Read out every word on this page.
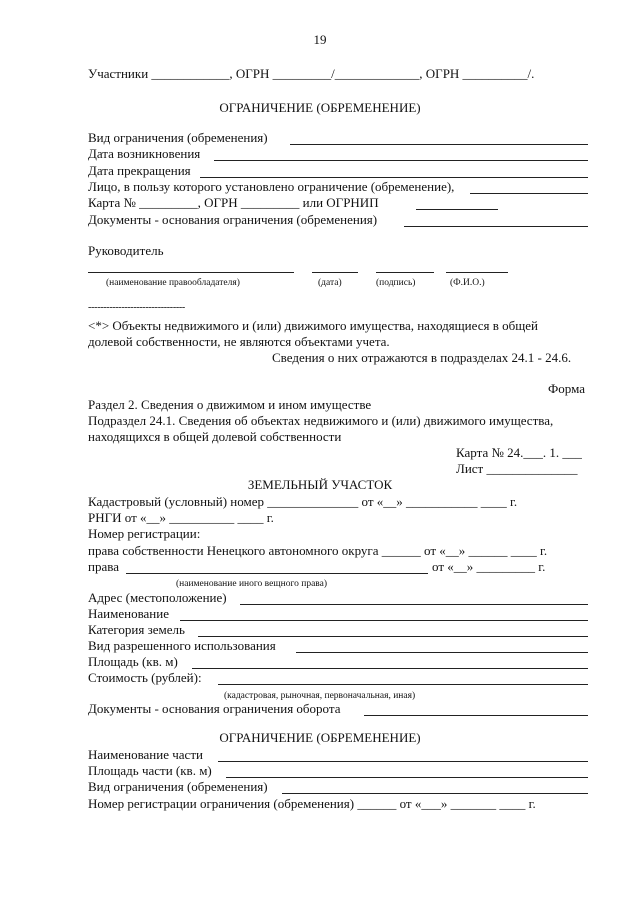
19
Участники ____________, ОГРН _________/_____________, ОГРН __________/.
ОГРАНИЧЕНИЕ (ОБРЕМЕНЕНИЕ)
Вид ограничения (обременения)
Дата возникновения
Дата прекращения
Лицо, в пользу которого установлено ограничение (обременение),
Карта № _________, ОГРН _________ или ОГРНИП
Документы - основания ограничения (обременения)
Руководитель
(наименование правообладателя)	(дата)	(подпись)	(Ф.И.О.)
--------------------------------
<*> Объекты недвижимого и (или) движимого имущества, находящиеся в общей
долевой собственности, не являются объектами учета.
Сведения о них отражаются в подразделах 24.1 - 24.6.
Форма
Раздел 2. Сведения о движимом и ином имуществе
Подраздел 24.1. Сведения об объектах недвижимого и (или) движимого имущества,
находящихся в общей долевой собственности
Карта № 24.___. 1. ___
Лист ______________
ЗЕМЕЛЬНЫЙ УЧАСТОК
Кадастровый (условный) номер ______________ от «__» ___________ ____ г.
РНГИ от «__» __________ ____ г.
Номер регистрации:
права собственности Ненецкого автономного округа ______ от «__» ______ ____ г.
права	от «__» _________ г.
(наименование иного вещного права)
Адрес (местоположение)
Наименование
Категория земель
Вид разрешенного использования
Площадь (кв. м)
Стоимость (рублей):
(кадастровая, рыночная, первоначальная, иная)
Документы - основания ограничения оборота
ОГРАНИЧЕНИЕ (ОБРЕМЕНЕНИЕ)
Наименование части
Площадь части (кв. м)
Вид ограничения (обременения)
Номер регистрации ограничения (обременения) ______ от «___» _______ ____ г.
